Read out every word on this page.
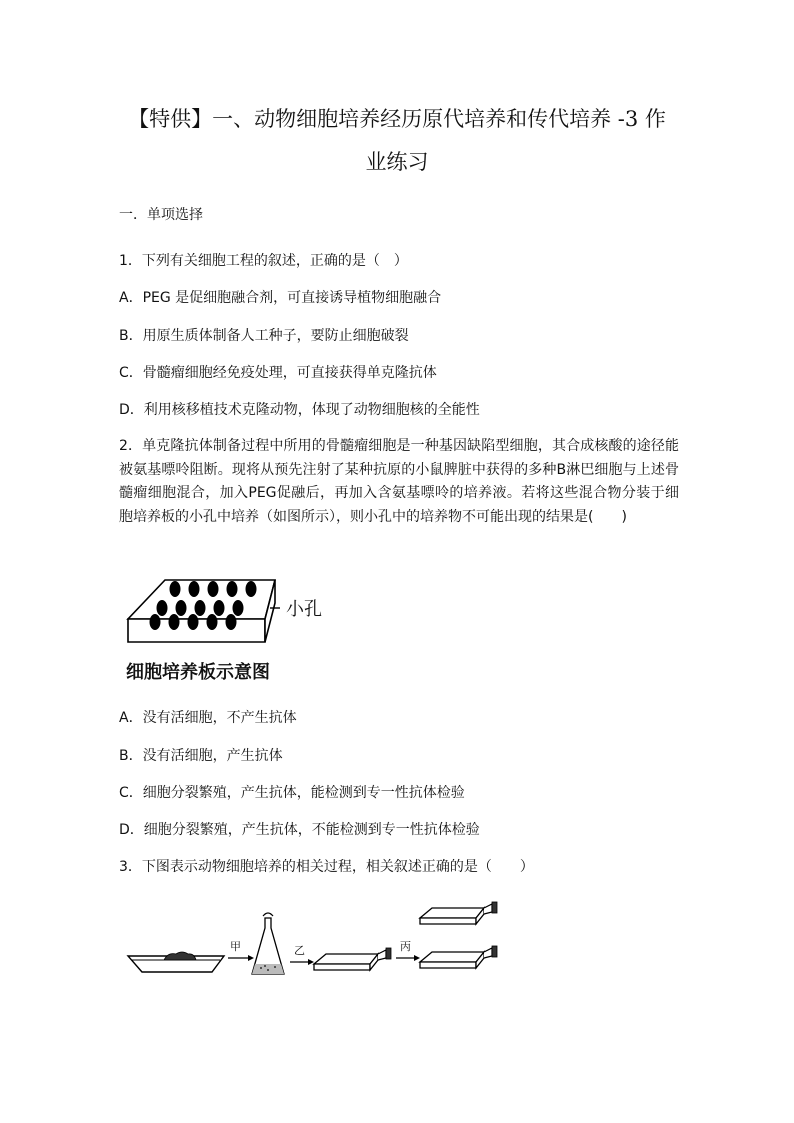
【特供】一、动物细胞培养经历原代培养和传代培养 -3 作
业练习
一．单项选择
1．下列有关细胞工程的叙述，正确的是（　）
A．PEG 是促细胞融合剂，可直接诱导植物细胞融合
B．用原生质体制备人工种子，要防止细胞破裂
C．骨髓瘤细胞经免疫处理，可直接获得单克隆抗体
D．利用核移植技术克隆动物，体现了动物细胞核的全能性
2．单克隆抗体制备过程中所用的骨髓瘤细胞是一种基因缺陷型细胞，其合成核酸的途径能被氨基嘌呤阻断。现将从预先注射了某种抗原的小鼠脾脏中获得的多种B淋巴细胞与上述骨髓瘤细胞混合，加入PEG促融后，再加入含氨基嘌呤的培养液。若将这些混合物分装于细胞培养板的小孔中培养（如图所示），则小孔中的培养物不可能出现的结果是(　　)
小孔
细胞培养板示意图
A．没有活细胞，不产生抗体
B．没有活细胞，产生抗体
C．细胞分裂繁殖，产生抗体，能检测到专一性抗体检验
D．细胞分裂繁殖，产生抗体，不能检测到专一性抗体检验
3．下图表示动物细胞培养的相关过程，相关叙述正确的是（　　）
甲	乙	丙
